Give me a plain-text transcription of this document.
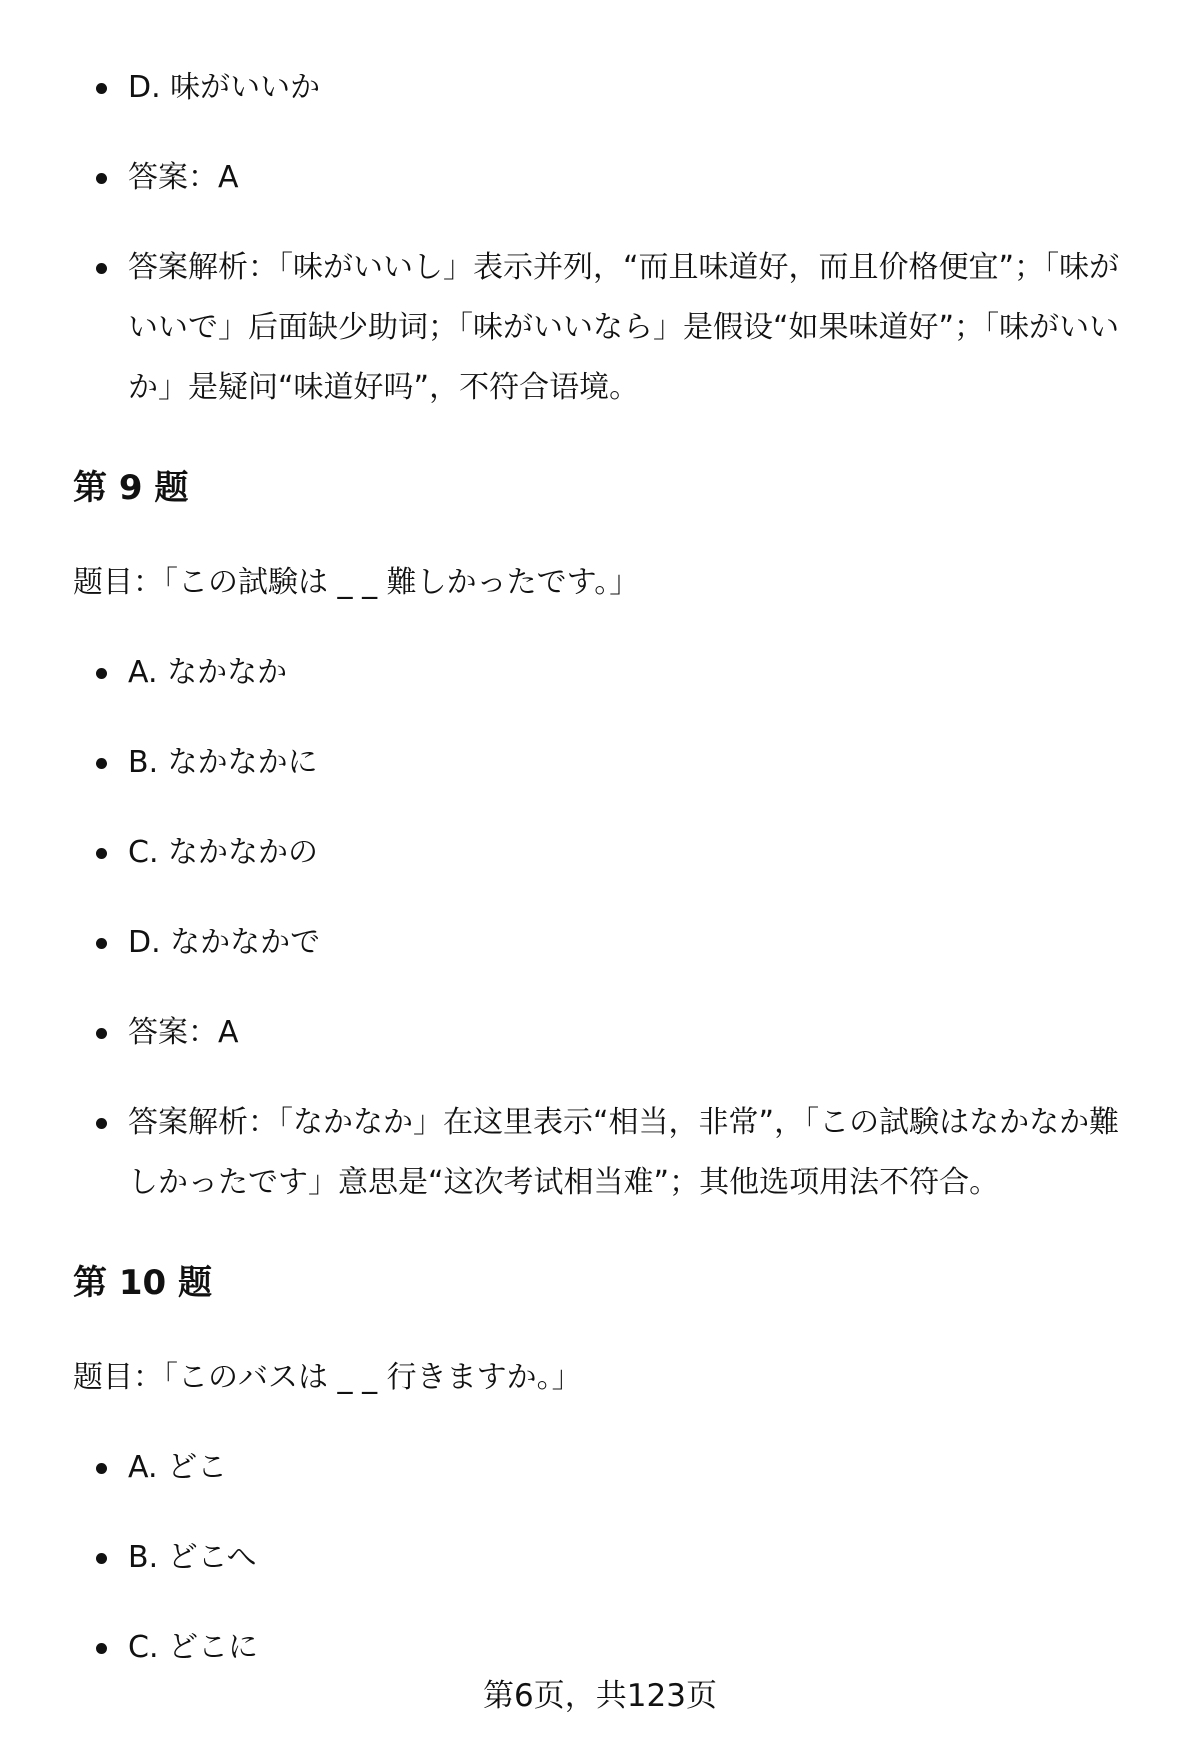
D. 味がいいか
答案：A
答案解析：「味がいいし」表示并列，“而且味道好，而且价格便宜”；「味がいいで」后面缺少助词；「味がいいなら」是假设“如果味道好”；「味がいいか」是疑问“味道好吗”，不符合语境。
第 9 题

题目：「この試験は _ _ 難しかったです。」

A. なかなか
B. なかなかに
C. なかなかの
D. なかなかで
答案：A
答案解析：「なかなか」在这里表示“相当，非常”，「この試験はなかなか難しかったです」意思是“这次考试相当难”；其他选项用法不符合。
第 10 题

题目：「このバスは _ _ 行きますか。」

A. どこ
B. どこへ
C. どこに
第6页，共123页
